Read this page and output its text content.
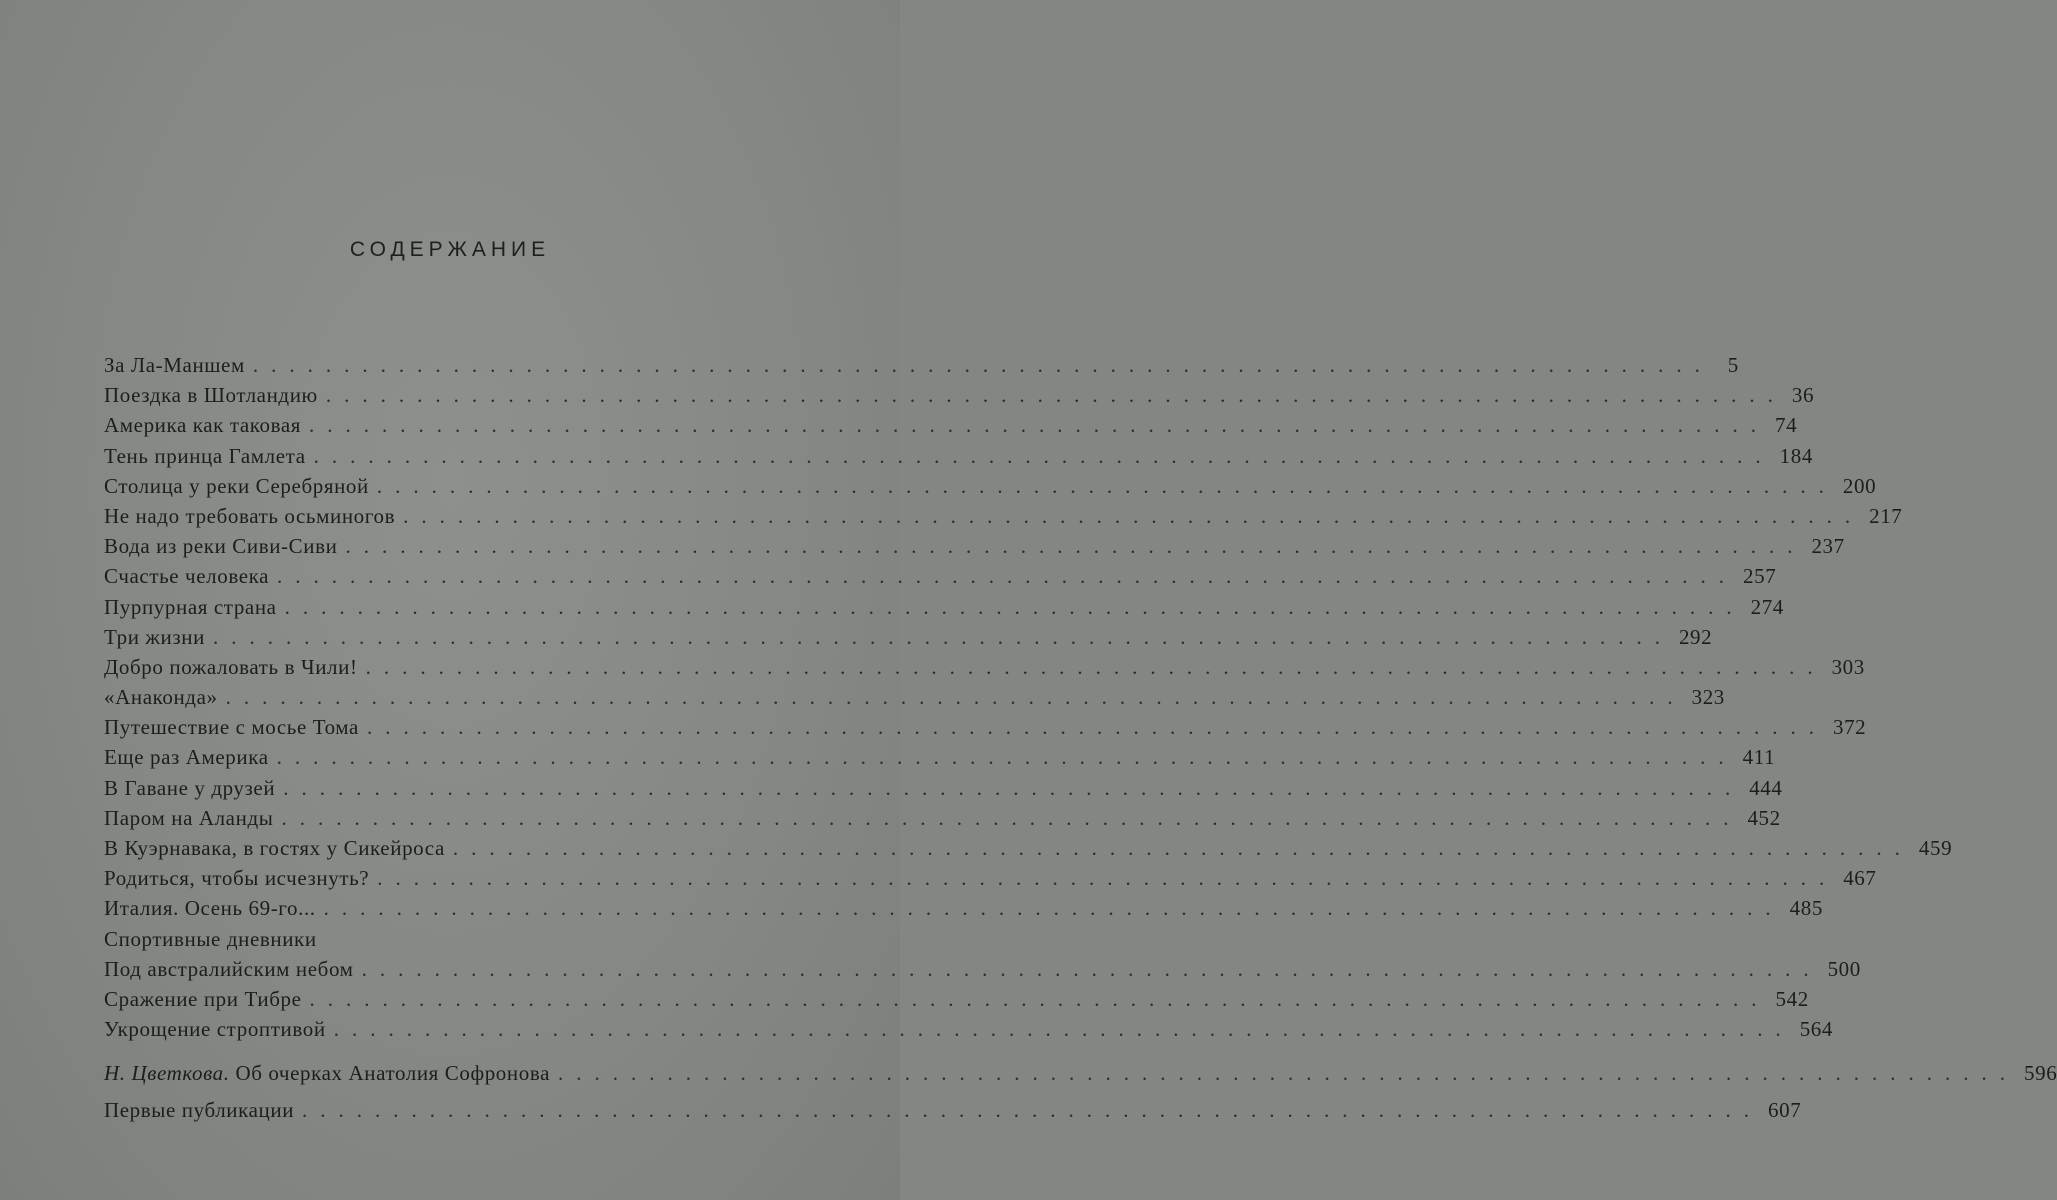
СОДЕРЖАНИЕ
За Ла-Маншем ................................................................................ 5
Поездка в Шотландию ................................................................................ 36
Америка как таковая ................................................................................ 74
Тень принца Гамлета ................................................................................ 184
Столица у реки Серебряной ................................................................................ 200
Не надо требовать осьминогов ................................................................................ 217
Вода из реки Сиви-Сиви ................................................................................ 237
Счастье человека ................................................................................ 257
Пурпурная страна ................................................................................ 274
Три жизни ................................................................................ 292
Добро пожаловать в Чили! ................................................................................ 303
«Анаконда» ................................................................................ 323
Путешествие с мосье Тома ................................................................................ 372
Еще раз Америка ................................................................................ 411
В Гаване у друзей ................................................................................ 444
Паром на Аланды ................................................................................ 452
В Куэрнавака, в гостях у Сикейроса ................................................................................ 459
Родиться, чтобы исчезнуть? ................................................................................ 467
Италия. Осень 69-го... ................................................................................ 485
Спортивные дневники
Под австралийским небом ................................................................................ 500
Сражение при Тибре ................................................................................ 542
Укрощение строптивой ................................................................................ 564
Н. Цветкова. Об очерках Анатолия Софронова ................................................................................ 596
Первые публикации ................................................................................ 607
